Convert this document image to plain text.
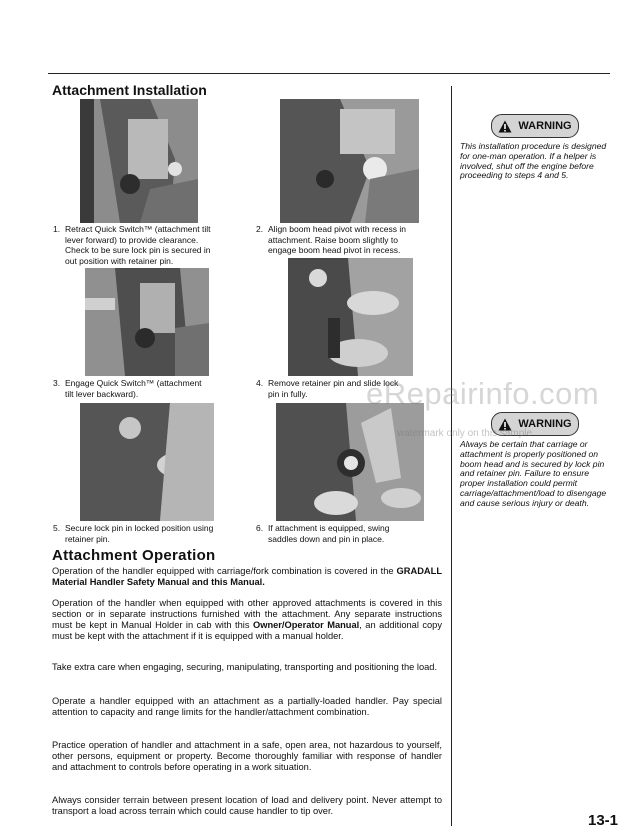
Attachment Installation
1. Retract Quick Switch™ (attachment tilt
lever forward) to provide clearance.
Check to be sure lock pin is secured in
out position with retainer pin.
2. Align boom head pivot with recess in
attachment. Raise boom slightly to
engage boom head pivot in recess.
3. Engage Quick Switch™ (attachment
tilt lever backward).
4. Remove retainer pin and slide lock
pin in fully.
5. Secure lock pin in locked position using
retainer pin.
6. If attachment is equipped, swing
saddles down and pin in place.
Attachment Operation

Operation of the handler equipped with carriage/fork combination is covered in the GRADALL Material Handler Safety Manual and this Manual.

Operation of the handler when equipped with other approved attachments is covered in this section or in separate instructions furnished with the attachment. Any separate instructions must be kept in Manual Holder in cab with this Owner/Operator Manual, an additional copy must be kept with the attachment if it is equipped with a manual holder.

Take extra care when engaging, securing, manipulating, transporting and positioning the load.

Operate a handler equipped with an attachment as a partially-loaded handler. Pay special attention to capacity and range limits for the handler/attachment combination.

Practice operation of handler and attachment in a safe, open area, not hazardous to yourself, other persons, equipment or property. Become thoroughly familiar with response of handler and attachment to controls before operating in a work situation.

Always consider terrain between present location of load and delivery point. Never attempt to transport a load across terrain which could cause handler to tip over.

WARNING

This installation procedure is designed for one-man operation. If a helper is involved, shut off the engine before proceeding to steps 4 and 5.

WARNING

Always be certain that carriage or attachment is properly positioned on boom head and is secured by lock pin and retainer pin. Failure to ensure proper installation could permit carriage/attachment/load to disengage and cause serious injury or death.

eRepairinfo.com
watermark only on this sample
13-1
